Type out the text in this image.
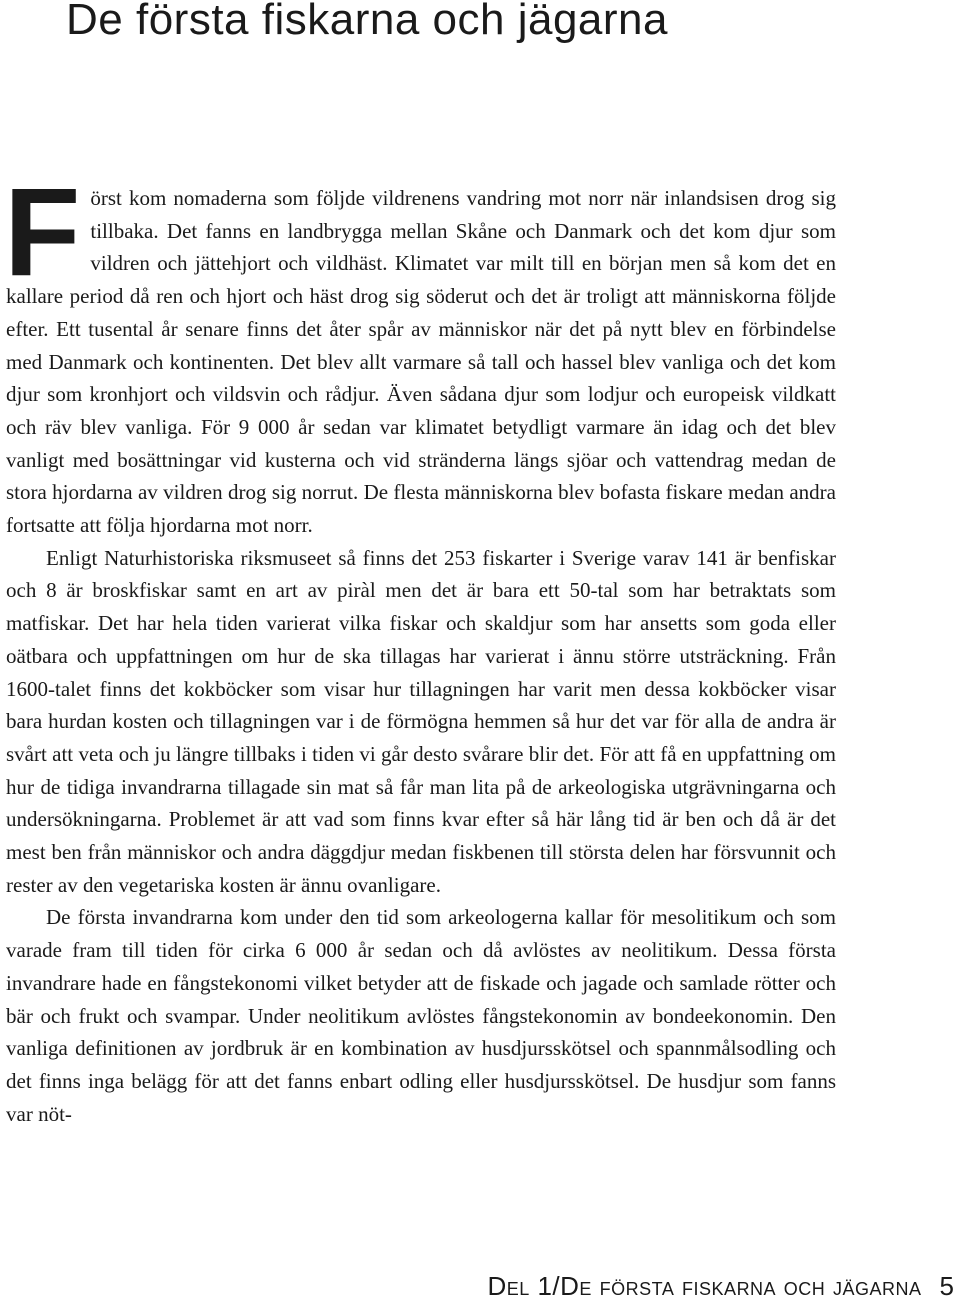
De första fiskarna och jägarna

Först kom nomaderna som följde vildrenens vandring mot norr när inlandsisen drog sig tillbaka. Det fanns en landbrygga mellan Skåne och Danmark och det kom djur som vildren och jättehjort och vildhäst. Klimatet var milt till en början men så kom det en kallare period då ren och hjort och häst drog sig söderut och det är troligt att människorna följde efter. Ett tusental år senare finns det åter spår av människor när det på nytt blev en förbindelse med Danmark och kontinenten. Det blev allt varmare så tall och hassel blev vanliga och det kom djur som kronhjort och vildsvin och rådjur. Även sådana djur som lodjur och europeisk vildkatt och räv blev vanliga. För 9 000 år sedan var klimatet betydligt varmare än idag och det blev vanligt med bosättningar vid kusterna och vid stränderna längs sjöar och vattendrag medan de stora hjordarna av vildren drog sig norrut. De flesta människorna blev bofasta fiskare medan andra fortsatte att följa hjordarna mot norr.

Enligt Naturhistoriska riksmuseet så finns det 253 fiskarter i Sverige varav 141 är benfiskar och 8 är broskfiskar samt en art av piràl men det är bara ett 50-tal som har betraktats som matfiskar. Det har hela tiden varierat vilka fiskar och skaldjur som har ansetts som goda eller oätbara och uppfattningen om hur de ska tillagas har varierat i ännu större utsträckning. Från 1600-talet finns det kokböcker som visar hur tillagningen har varit men dessa kokböcker visar bara hurdan kosten och tillagningen var i de förmögna hemmen så hur det var för alla de andra är svårt att veta och ju längre tillbaks i tiden vi går desto svårare blir det. För att få en uppfattning om hur de tidiga invandrarna tillagade sin mat så får man lita på de arkeologiska utgrävningarna och undersökningarna. Problemet är att vad som finns kvar efter så här lång tid är ben och då är det mest ben från människor och andra däggdjur medan fiskbenen till största delen har försvunnit och rester av den vegetariska kosten är ännu ovanligare.

De första invandrarna kom under den tid som arkeologerna kallar för mesolitikum och som varade fram till tiden för cirka 6 000 år sedan och då avlöstes av neolitikum. Dessa första invandrare hade en fångstekonomi vilket betyder att de fiskade och jagade och samlade rötter och bär och frukt och svampar. Under neolitikum avlöstes fångstekonomin av bondeekonomin. Den vanliga definitionen av jordbruk är en kombination av husdjursskötsel och spannmålsodling och det finns inga belägg för att det fanns enbart odling eller husdjursskötsel. De husdjur som fanns var nöt-

Del 1/De första fiskarna och jägarna 5
